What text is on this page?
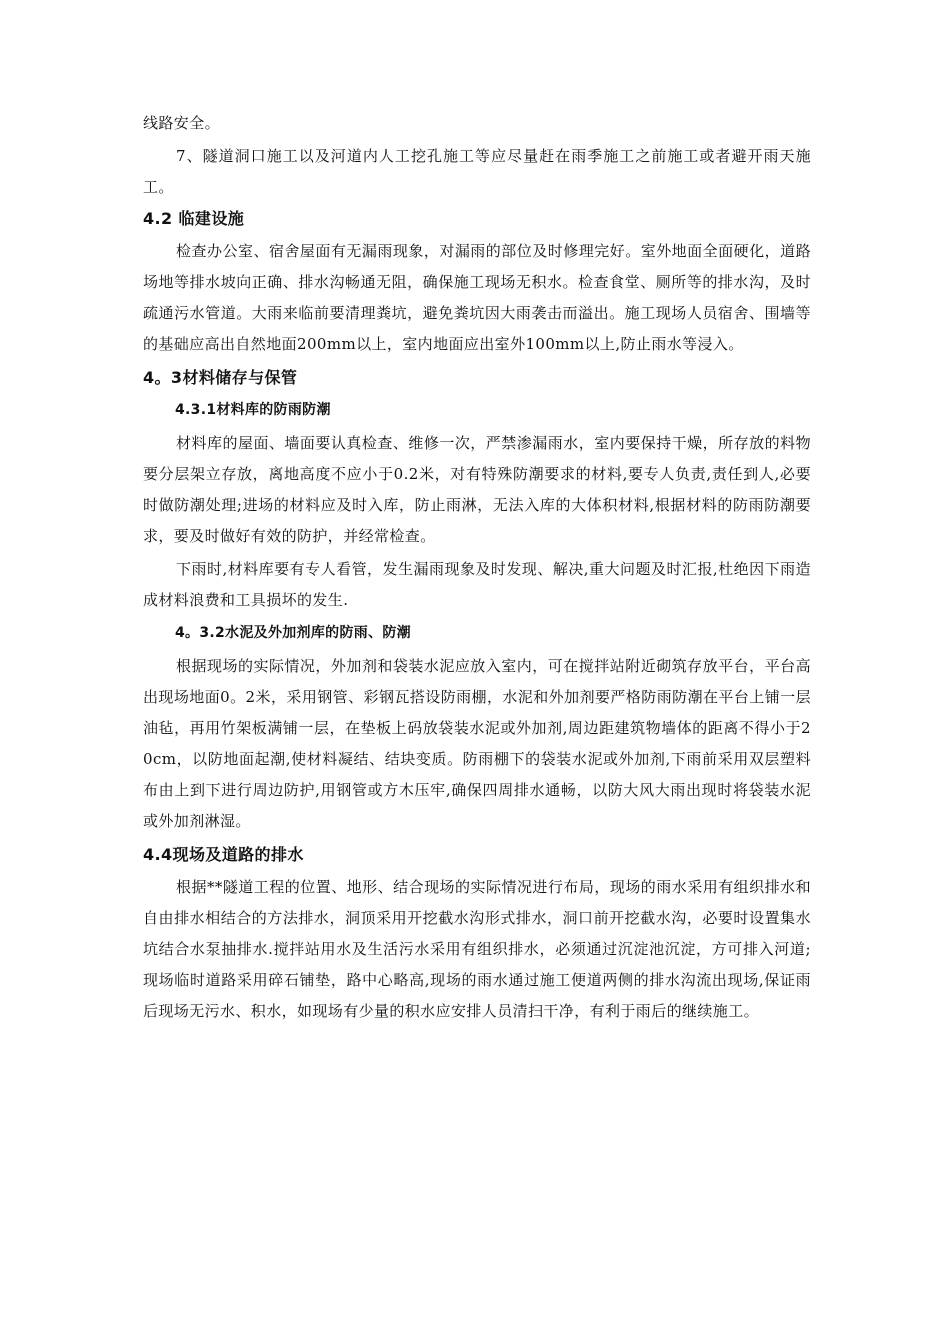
线路安全。

7、隧道洞口施工以及河道内人工挖孔施工等应尽量赶在雨季施工之前施工或者避开雨天施工。

4.2 临建设施

检查办公室、宿舍屋面有无漏雨现象，对漏雨的部位及时修理完好。室外地面全面硬化，道路场地等排水坡向正确、排水沟畅通无阻，确保施工现场无积水。检查食堂、厕所等的排水沟，及时疏通污水管道。大雨来临前要清理粪坑，避免粪坑因大雨袭击而溢出。施工现场人员宿舍、围墙等的基础应高出自然地面200mm以上，室内地面应出室外100mm以上,防止雨水等浸入。

4。3材料储存与保管
4.3.1材料库的防雨防潮

材料库的屋面、墙面要认真检查、维修一次，严禁渗漏雨水，室内要保持干燥，所存放的料物要分层架立存放，离地高度不应小于0.2米，对有特殊防潮要求的材料,要专人负责,责任到人,必要时做防潮处理;进场的材料应及时入库，防止雨淋，无法入库的大体积材料,根据材料的防雨防潮要求，要及时做好有效的防护，并经常检查。

下雨时,材料库要有专人看管，发生漏雨现象及时发现、解决,重大问题及时汇报,杜绝因下雨造成材料浪费和工具损坏的发生.

4。3.2水泥及外加剂库的防雨、防潮

根据现场的实际情况，外加剂和袋装水泥应放入室内，可在搅拌站附近砌筑存放平台，平台高出现场地面0。2米，采用钢管、彩钢瓦搭设防雨棚，水泥和外加剂要严格防雨防潮在平台上铺一层油毡，再用竹架板满铺一层，在垫板上码放袋装水泥或外加剂,周边距建筑物墙体的距离不得小于20cm，以防地面起潮,使材料凝结、结块变质。防雨棚下的袋装水泥或外加剂,下雨前采用双层塑料布由上到下进行周边防护,用钢管或方木压牢,确保四周排水通畅，以防大风大雨出现时将袋装水泥或外加剂淋湿。

4.4现场及道路的排水

根据**隧道工程的位置、地形、结合现场的实际情况进行布局，现场的雨水采用有组织排水和自由排水相结合的方法排水，洞顶采用开挖截水沟形式排水，洞口前开挖截水沟，必要时设置集水坑结合水泵抽排水.搅拌站用水及生活污水采用有组织排水，必须通过沉淀池沉淀，方可排入河道;现场临时道路采用碎石铺垫，路中心略高,现场的雨水通过施工便道两侧的排水沟流出现场,保证雨后现场无污水、积水，如现场有少量的积水应安排人员清扫干净，有利于雨后的继续施工。
